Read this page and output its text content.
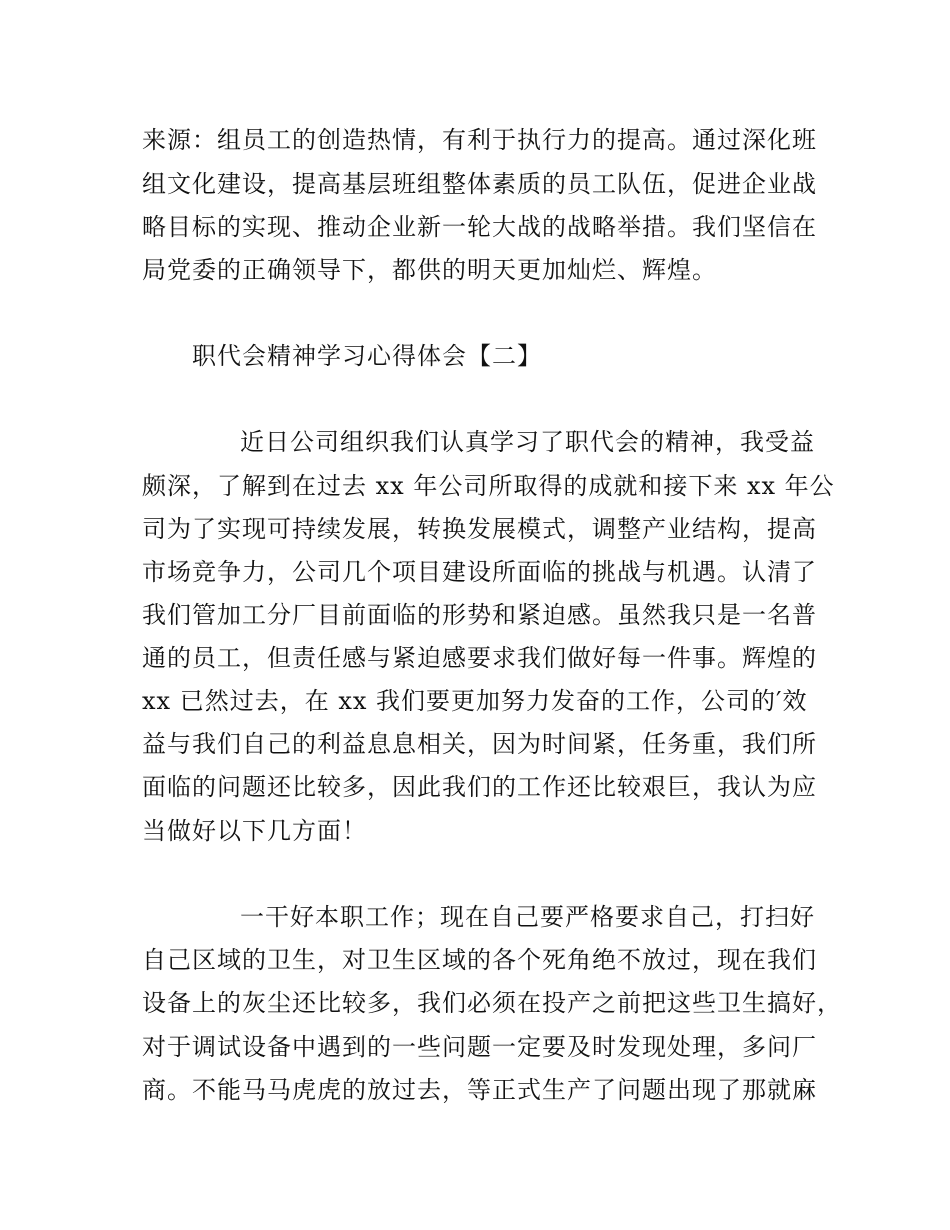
来源：组员工的创造热情，有利于执行力的提高。通过深化班
组文化建设，提高基层班组整体素质的员工队伍，促进企业战
略目标的实现、推动企业新一轮大战的战略举措。我们坚信在
局党委的正确领导下，都供的明天更加灿烂、辉煌。
职代会精神学习心得体会【二】
近日公司组织我们认真学习了职代会的精神，我受益
颇深，了解到在过去 xx 年公司所取得的成就和接下来 xx 年公
司为了实现可持续发展，转换发展模式，调整产业结构，提高
市场竞争力，公司几个项目建设所面临的挑战与机遇。认清了
我们管加工分厂目前面临的形势和紧迫感。虽然我只是一名普
通的员工，但责任感与紧迫感要求我们做好每一件事。辉煌的
xx 已然过去，在 xx 我们要更加努力发奋的工作，公司的′效
益与我们自己的利益息息相关，因为时间紧，任务重，我们所
面临的问题还比较多，因此我们的工作还比较艰巨，我认为应
当做好以下几方面！
一干好本职工作；现在自己要严格要求自己，打扫好
自己区域的卫生，对卫生区域的各个死角绝不放过，现在我们
设备上的灰尘还比较多，我们必须在投产之前把这些卫生搞好，
对于调试设备中遇到的一些问题一定要及时发现处理，多问厂
商。不能马马虎虎的放过去，等正式生产了问题出现了那就麻
